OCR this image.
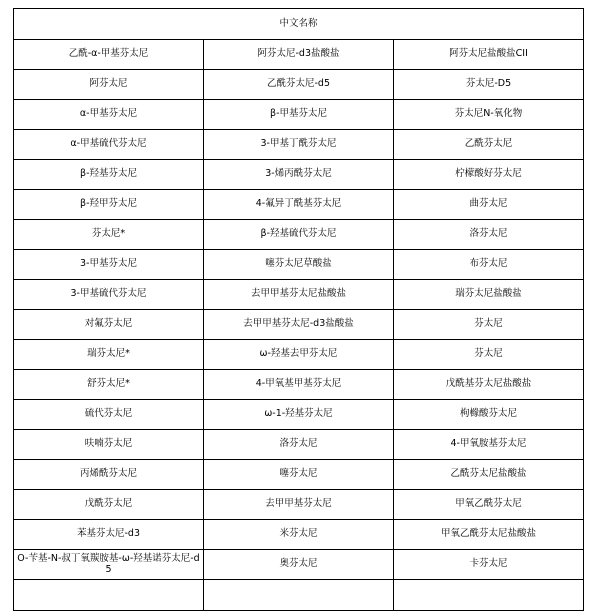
中文名称		
乙酰-α-甲基芬太尼	阿芬太尼-d3盐酸盐	阿芬太尼盐酸盐CII
阿芬太尼	乙酰芬太尼-d5	芬太尼-D5
α-甲基芬太尼	β-甲基芬太尼	芬太尼N-氧化物
α-甲基硫代芬太尼	3-甲基丁酰芬太尼	乙酰芬太尼
β-羟基芬太尼	3-烯丙酰芬太尼	柠檬酸好芬太尼
β-羟甲芬太尼	4-氟异丁酰基芬太尼	曲芬太尼
芬太尼*	β-羟基硫代芬太尼	洛芬太尼
3-甲基芬太尼	噻芬太尼草酸盐	布芬太尼
3-甲基硫代芬太尼	去甲甲基芬太尼盐酸盐	瑞芬太尼盐酸盐
对氟芬太尼	去甲甲基芬太尼-d3盐酸盐	芬太尼
瑞芬太尼*	ω-羟基去甲芬太尼	芬太尼
舒芬太尼*	4-甲氧基甲基芬太尼	戊酰基芬太尼盐酸盐
硫代芬太尼	ω-1-羟基芬太尼	枸橼酸芬太尼
呋喃芬太尼	洛芬太尼	4-甲氧胺基芬太尼
丙烯酰芬太尼	噻芬太尼	乙酰芬太尼盐酸盐
戊酰芬太尼	去甲甲基芬太尼	甲氧乙酰芬太尼
苯基芬太尼-d3	米芬太尼	甲氧乙酰芬太尼盐酸盐
O-苄基-N-叔丁氧羰胺基-ω-羟基诺芬太尼-d5	奥芬太尼	卡芬太尼
